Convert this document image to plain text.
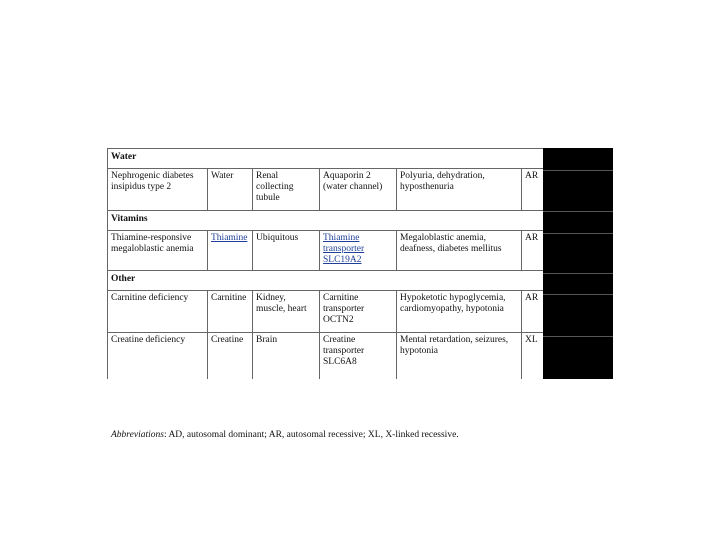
Water					
Nephrogenic diabetes insipidus type 2	Water	Renal collecting tubule	Aquaporin 2 (water channel)	Polyuria, dehydration, hyposthenuria	AR
Vitamins					
Thiamine-responsive megaloblastic anemia	Thiamine	Ubiquitous	Thiamine transporter SLC19A2	Megaloblastic anemia, deafness, diabetes mellitus	AR
Other					
Carnitine deficiency	Carnitine	Kidney, muscle, heart	Carnitine transporter OCTN2	Hypoketotic hypoglycemia, cardiomyopathy, hypotonia	AR
Creatine deficiency	Creatine	Brain	Creatine transporter SLC6A8	Mental retardation, seizures, hypotonia	XL
Abbreviations: AD, autosomal dominant; AR, autosomal recessive; XL, X-linked recessive.
